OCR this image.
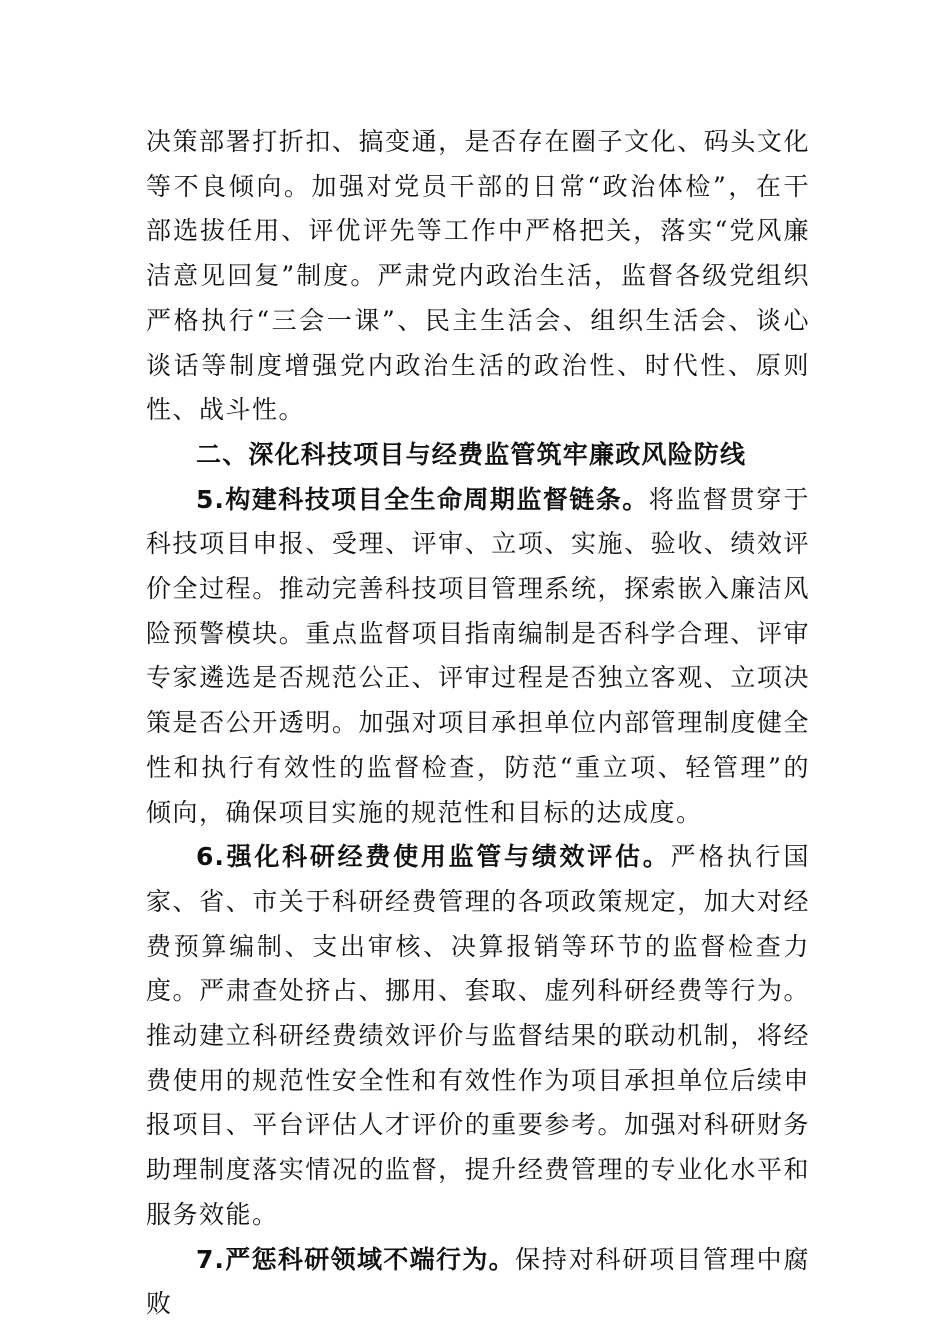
决策部署打折扣、搞变通，是否存在圈子文化、码头文化等不良倾向。加强对党员干部的日常“政治体检”，在干部选拔任用、评优评先等工作中严格把关，落实“党风廉洁意见回复”制度。严肃党内政治生活，监督各级党组织严格执行“三会一课”、民主生活会、组织生活会、谈心谈话等制度增强党内政治生活的政治性、时代性、原则性、战斗性。

二、深化科技项目与经费监管筑牢廉政风险防线

5.构建科技项目全生命周期监督链条。将监督贯穿于科技项目申报、受理、评审、立项、实施、验收、绩效评价全过程。推动完善科技项目管理系统，探索嵌入廉洁风险预警模块。重点监督项目指南编制是否科学合理、评审专家遴选是否规范公正、评审过程是否独立客观、立项决策是否公开透明。加强对项目承担单位内部管理制度健全性和执行有效性的监督检查，防范“重立项、轻管理”的倾向，确保项目实施的规范性和目标的达成度。

6.强化科研经费使用监管与绩效评估。严格执行国家、省、市关于科研经费管理的各项政策规定，加大对经费预算编制、支出审核、决算报销等环节的监督检查力度。严肃查处挤占、挪用、套取、虚列科研经费等行为。推动建立科研经费绩效评价与监督结果的联动机制，将经费使用的规范性安全性和有效性作为项目承担单位后续申报项目、平台评估人才评价的重要参考。加强对科研财务助理制度落实情况的监督，提升经费管理的专业化水平和服务效能。

7.严惩科研领域不端行为。保持对科研项目管理中腐败
